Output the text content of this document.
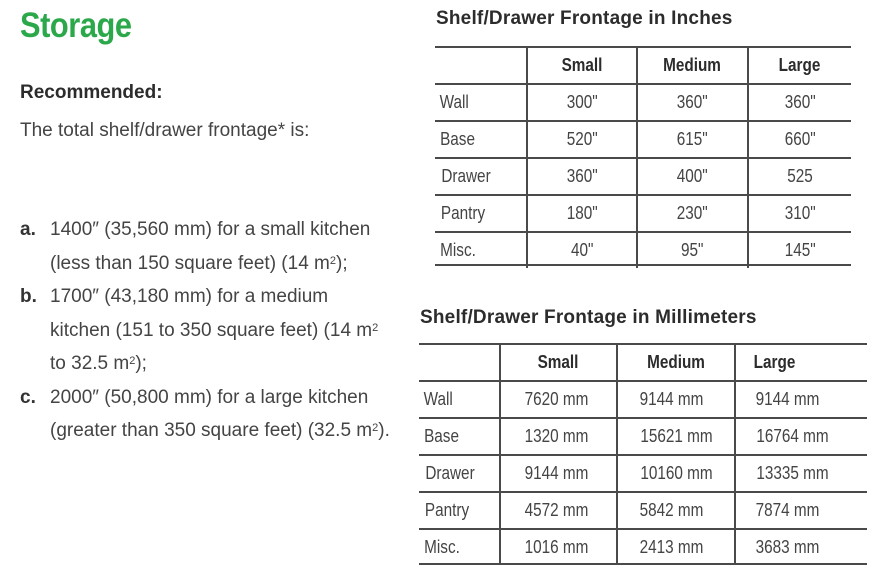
Storage
Recommended:
The total shelf/drawer frontage* is:
a. 1400″ (35,560 mm) for a small kitchen (less than 150 square feet) (14 $m^2$);
b. 1700″ (43,180 mm) for a medium kitchen (151 to 350 square feet) (14 $m^2$ to 32.5 $m^2$);
c. 2000″ (50,800 mm) for a large kitchen (greater than 350 square feet) (32.5 $m^2$).
Shelf/Drawer Frontage in Inches
	Small	Medium	Large
Wall	300"	360"	360"
Base	520"	615"	660"
Drawer	360"	400"	525
Pantry	180"	230"	310"
Misc.	40"	95"	145"
Shelf/Drawer Frontage in Millimeters
	Small	Medium	Large
Wall	7620 mm	9144 mm	9144 mm
Base	1320 mm	15621 mm	16764 mm
Drawer	9144 mm	10160 mm	13335 mm
Pantry	4572 mm	5842 mm	7874 mm
Misc.	1016 mm	2413 mm	3683 mm
